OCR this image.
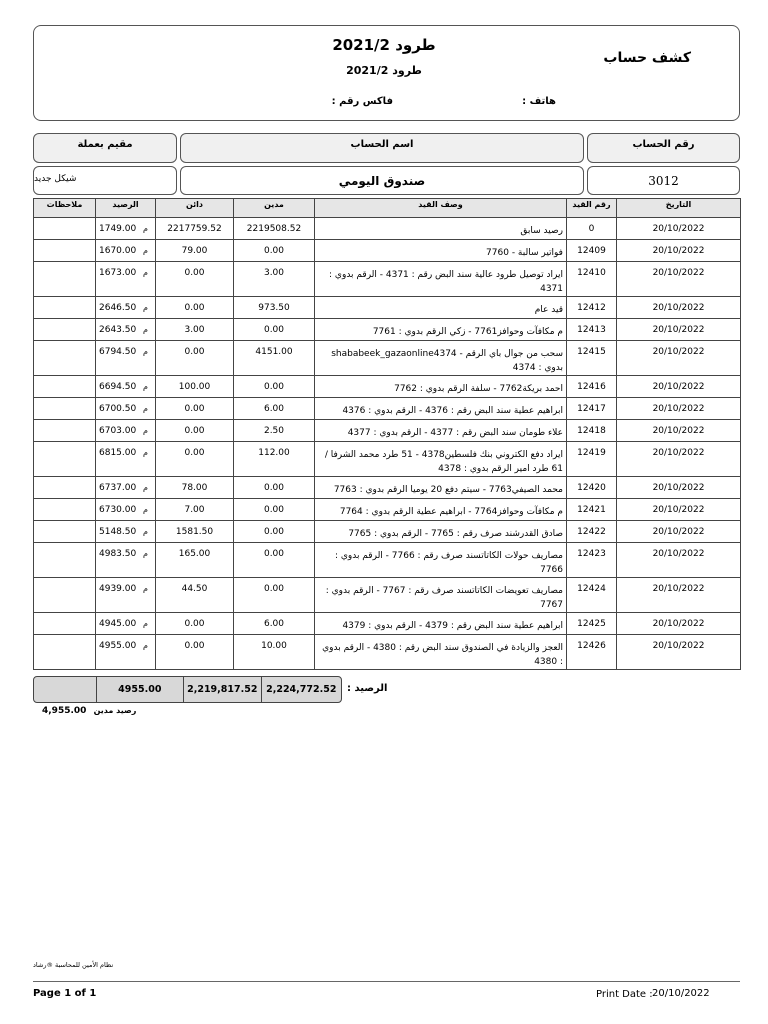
طرود 2021/2
طرود 2021/2
كشف حساب
هاتف :
فاكس رقم :
رقم الحساب
اسم الحساب
مقيم بعملة
3012
صندوق اليومي
شيكل جديد
ملاحظات	الرصيد	دائن	مدين	وصف القيد	رقم القيد	التاريخ
	1749.00 م	2217759.52	2219508.52	رصيد سابق	0	20/10/2022
	1670.00 م	79.00	0.00	فواتير سالبة - 7760	12409	20/10/2022
	1673.00 م	0.00	3.00	ايراد توصيل طرود عالية سند البض رقم : 4371 - الرقم بدوي : 4371	12410	20/10/2022
	2646.50 م	0.00	973.50	قيد عام	12412	20/10/2022
	2643.50 م	3.00	0.00	م مكافآت وحوافز7761 - زكي الرقم بدوي : 7761	12413	20/10/2022
	6794.50 م	0.00	4151.00	سحب من جوال باي الرقم - shababeek_gazaonline4374 بدوي : 4374	12415	20/10/2022
	6694.50 م	100.00	0.00	احمد بريكة7762 - سلفة الرقم بدوي : 7762	12416	20/10/2022
	6700.50 م	0.00	6.00	ابراهيم عطية سند البض رقم : 4376 - الرقم بدوي : 4376	12417	20/10/2022
	6703.00 م	0.00	2.50	علاء طومان سند البض رقم : 4377 - الرقم بدوي : 4377	12418	20/10/2022
	6815.00 م	0.00	112.00	ايراد دفع الكتروني بنك فلسطين4378 - 51 طرد محمد الشرفا / 61 طرد امير الرقم بدوي : 4378	12419	20/10/2022
	6737.00 م	78.00	0.00	محمد الصيفي7763 - سيتم دفع 20 يوميا الرقم بدوي : 7763	12420	20/10/2022
	6730.00 م	7.00	0.00	م مكافآت وحوافز7764 - ابراهيم عطية الرقم بدوي : 7764	12421	20/10/2022
	5148.50 م	1581.50	0.00	صادق القدرشند صرف رقم : 7765 - الرقم بدوي : 7765	12422	20/10/2022
	4983.50 م	165.00	0.00	مصاريف حولات الكاتاتسند صرف رقم : 7766 - الرقم بدوي : 7766	12423	20/10/2022
	4939.00 م	44.50	0.00	مصاريف تعويضات الكاتاتسند صرف رقم : 7767 - الرقم بدوي : 7767	12424	20/10/2022
	4945.00 م	0.00	6.00	ابراهيم عطية سند البض رقم : 4379 - الرقم بدوي : 4379	12425	20/10/2022
	4955.00 م	0.00	10.00	العجز والزيادة في الصندوق سند البض رقم : 4380 - الرقم بدوي : 4380	12426	20/10/2022
4955.00	2,219,817.52 2,224,772.52	الرصيد :
4,955.00 رصيد مدين
نظام الأمين للمحاسبة ®رشاد
Page 1 of 1	Print Date : 20/10/2022
